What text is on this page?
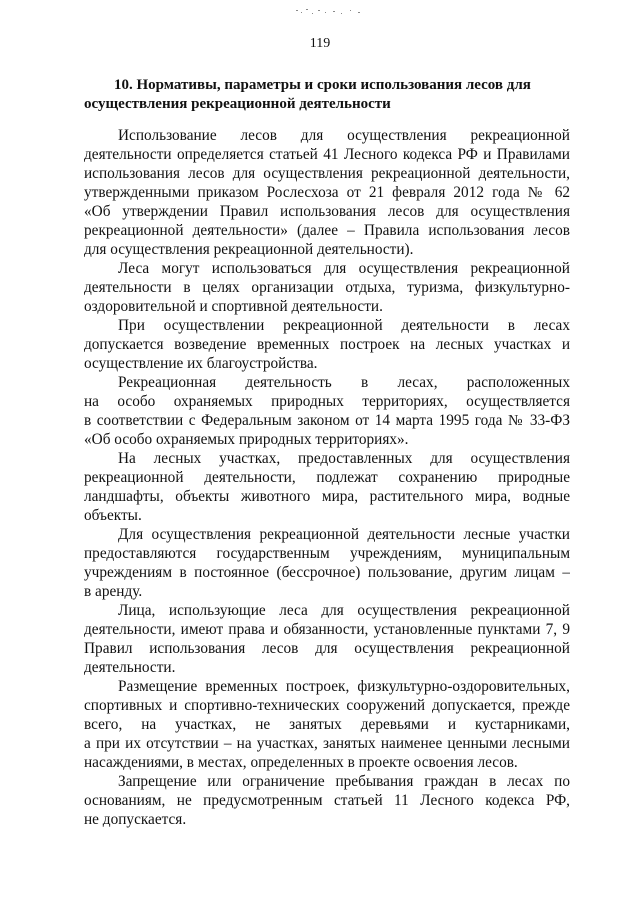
119
10. Нормативы, параметры и сроки использования лесов для
осуществления рекреационной деятельности

Использование лесов для осуществления рекреационной
деятельности определяется статьей 41 Лесного кодекса РФ и Правилами
использования лесов для осуществления рекреационной деятельности,
утвержденными приказом Рослесхоза от 21 февраля 2012 года № 62
«Об утверждении Правил использования лесов для осуществления
рекреационной деятельности» (далее – Правила использования лесов
для осуществления рекреационной деятельности).

Леса могут использоваться для осуществления рекреационной
деятельности в целях организации отдыха, туризма, физкультурно-
оздоровительной и спортивной деятельности.

При осуществлении рекреационной деятельности в лесах
допускается возведение временных построек на лесных участках и
осуществление их благоустройства.

Рекреационная деятельность в лесах, расположенных
на особо охраняемых природных территориях, осуществляется
в соответствии с Федеральным законом от 14 марта 1995 года № 33-ФЗ
«Об особо охраняемых природных территориях».

На лесных участках, предоставленных для осуществления
рекреационной деятельности, подлежат сохранению природные
ландшафты, объекты животного мира, растительного мира, водные
объекты.

Для осуществления рекреационной деятельности лесные участки
предоставляются государственным учреждениям, муниципальным
учреждениям в постоянное (бессрочное) пользование, другим лицам –
в аренду.

Лица, использующие леса для осуществления рекреационной
деятельности, имеют права и обязанности, установленные пунктами 7, 9
Правил использования лесов для осуществления рекреационной
деятельности.

Размещение временных построек, физкультурно-оздоровительных,
спортивных и спортивно-технических сооружений допускается, прежде
всего, на участках, не занятых деревьями и кустарниками,
а при их отсутствии – на участках, занятых наименее ценными лесными
насаждениями, в местах, определенных в проекте освоения лесов.

Запрещение или ограничение пребывания граждан в лесах по
основаниям, не предусмотренным статьей 11 Лесного кодекса РФ,
не допускается.
